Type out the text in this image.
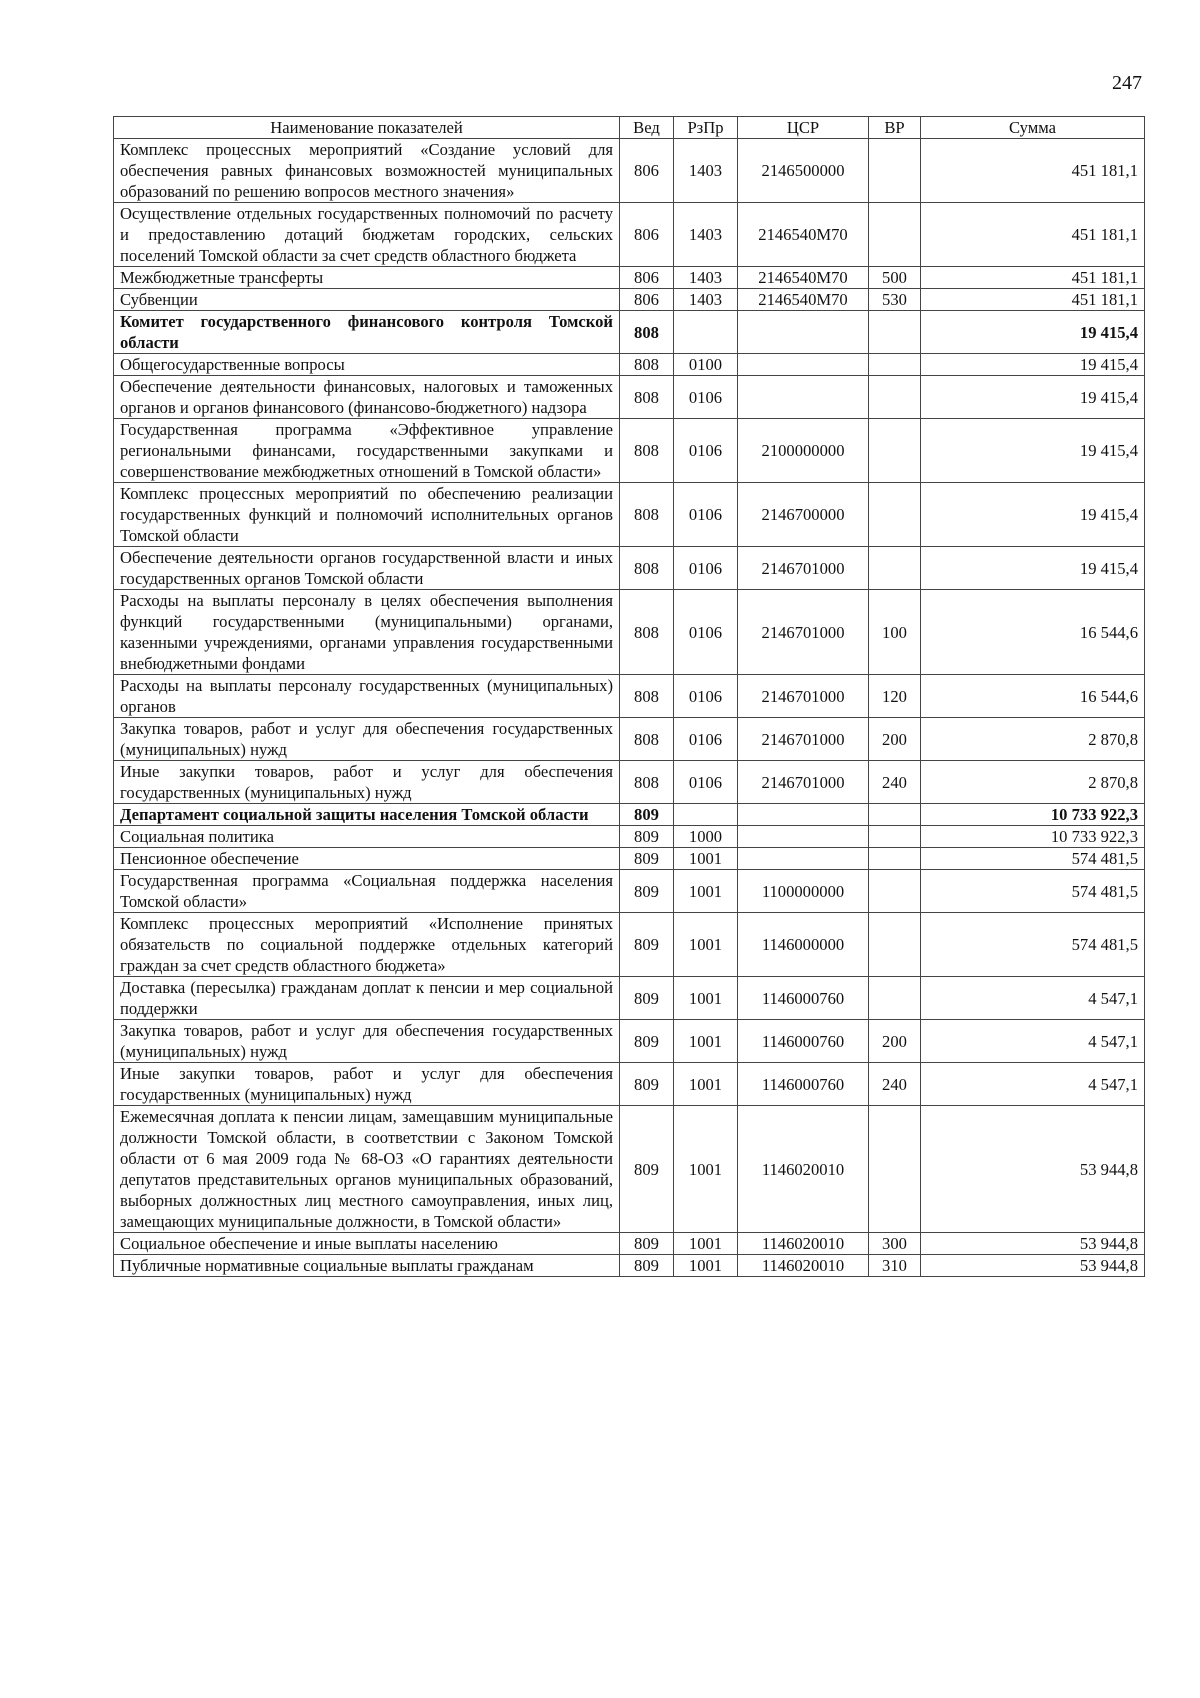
247
Наименование показателей	Вед	РзПр	ЦСР	ВР	Сумма
Комплекс процессных мероприятий «Создание условий для обеспечения равных финансовых возможностей муниципальных образований по решению вопросов местного значения»	806	1403	2146500000		451 181,1
Осуществление отдельных государственных полномочий по расчету и предоставлению дотаций бюджетам городских, сельских поселений Томской области за счет средств областного бюджета	806	1403	2146540М70		451 181,1
Межбюджетные трансферты	806	1403	2146540М70	500	451 181,1
Субвенции	806	1403	2146540М70	530	451 181,1
Комитет государственного финансового контроля Томской области	808				19 415,4
Общегосударственные вопросы	808	0100			19 415,4
Обеспечение деятельности финансовых, налоговых и таможенных органов и органов финансового (финансово-бюджетного) надзора	808	0106			19 415,4
Государственная программа «Эффективное управление региональными финансами, государственными закупками и совершенствование межбюджетных отношений в Томской области»	808	0106	2100000000		19 415,4
Комплекс процессных мероприятий по обеспечению реализации государственных функций и полномочий исполнительных органов Томской области	808	0106	2146700000		19 415,4
Обеспечение деятельности органов государственной власти и иных государственных органов Томской области	808	0106	2146701000		19 415,4
Расходы на выплаты персоналу в целях обеспечения выполнения функций государственными (муниципальными) органами, казенными учреждениями, органами управления государственными внебюджетными фондами	808	0106	2146701000	100	16 544,6
Расходы на выплаты персоналу государственных (муниципальных) органов	808	0106	2146701000	120	16 544,6
Закупка товаров, работ и услуг для обеспечения государственных (муниципальных) нужд	808	0106	2146701000	200	2 870,8
Иные закупки товаров, работ и услуг для обеспечения государственных (муниципальных) нужд	808	0106	2146701000	240	2 870,8
Департамент социальной защиты населения Томской области	809				10 733 922,3
Социальная политика	809	1000			10 733 922,3
Пенсионное обеспечение	809	1001			574 481,5
Государственная программа «Социальная поддержка населения Томской области»	809	1001	1100000000		574 481,5
Комплекс процессных мероприятий «Исполнение принятых обязательств по социальной поддержке отдельных категорий граждан за счет средств областного бюджета»	809	1001	1146000000		574 481,5
Доставка (пересылка) гражданам доплат к пенсии и мер социальной поддержки	809	1001	1146000760		4 547,1
Закупка товаров, работ и услуг для обеспечения государственных (муниципальных) нужд	809	1001	1146000760	200	4 547,1
Иные закупки товаров, работ и услуг для обеспечения государственных (муниципальных) нужд	809	1001	1146000760	240	4 547,1
Ежемесячная доплата к пенсии лицам, замещавшим муниципальные должности Томской области, в соответствии с Законом Томской области от 6 мая 2009 года № 68-ОЗ «О гарантиях деятельности депутатов представительных органов муниципальных образований, выборных должностных лиц местного самоуправления, иных лиц, замещающих муниципальные должности, в Томской области»	809	1001	1146020010		53 944,8
Социальное обеспечение и иные выплаты населению	809	1001	1146020010	300	53 944,8
Публичные нормативные социальные выплаты гражданам	809	1001	1146020010	310	53 944,8
